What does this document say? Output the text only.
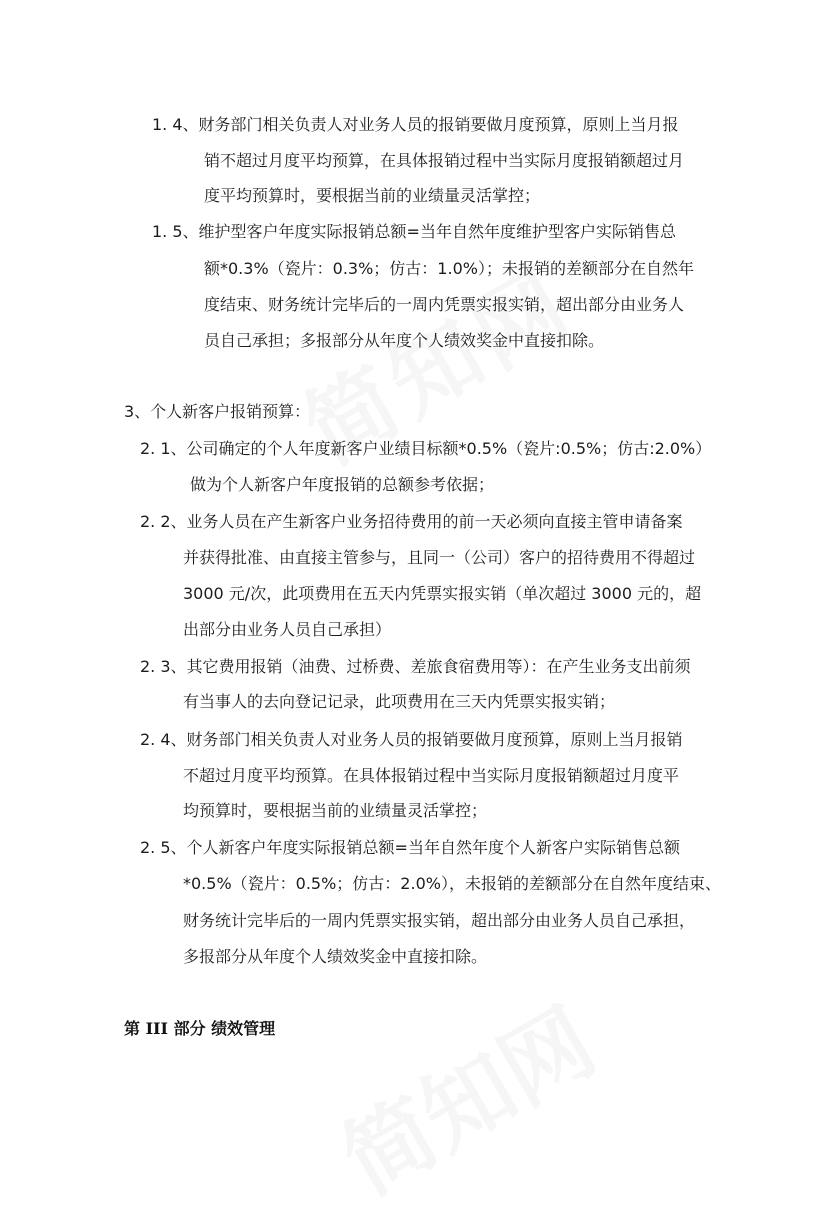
1. 4、财务部门相关负责人对业务人员的报销要做月度预算，原则上当月报
销不超过月度平均预算，在具体报销过程中当实际月度报销额超过月
度平均预算时，要根据当前的业绩量灵活掌控；
1. 5、维护型客户年度实际报销总额=当年自然年度维护型客户实际销售总
额*0.3%（瓷片：0.3%；仿古：1.0%）；未报销的差额部分在自然年
度结束、财务统计完毕后的一周内凭票实报实销，超出部分由业务人
员自己承担；多报部分从年度个人绩效奖金中直接扣除。
3、个人新客户报销预算：
2. 1、公司确定的个人年度新客户业绩目标额*0.5%（瓷片:0.5%；仿古:2.0%）
做为个人新客户年度报销的总额参考依据；
2. 2、业务人员在产生新客户业务招待费用的前一天必须向直接主管申请备案
并获得批准、由直接主管参与，且同一（公司）客户的招待费用不得超过
3000 元/次，此项费用在五天内凭票实报实销（单次超过 3000 元的，超
出部分由业务人员自己承担）
2. 3、其它费用报销（油费、过桥费、差旅食宿费用等）：在产生业务支出前须
有当事人的去向登记记录，此项费用在三天内凭票实报实销；
2. 4、财务部门相关负责人对业务人员的报销要做月度预算，原则上当月报销
不超过月度平均预算。在具体报销过程中当实际月度报销额超过月度平
均预算时，要根据当前的业绩量灵活掌控；
2. 5、个人新客户年度实际报销总额=当年自然年度个人新客户实际销售总额
*0.5%（瓷片：0.5%；仿古：2.0%），未报销的差额部分在自然年度结束、
财务统计完毕后的一周内凭票实报实销，超出部分由业务人员自己承担，
多报部分从年度个人绩效奖金中直接扣除。
第 III 部分 绩效管理
